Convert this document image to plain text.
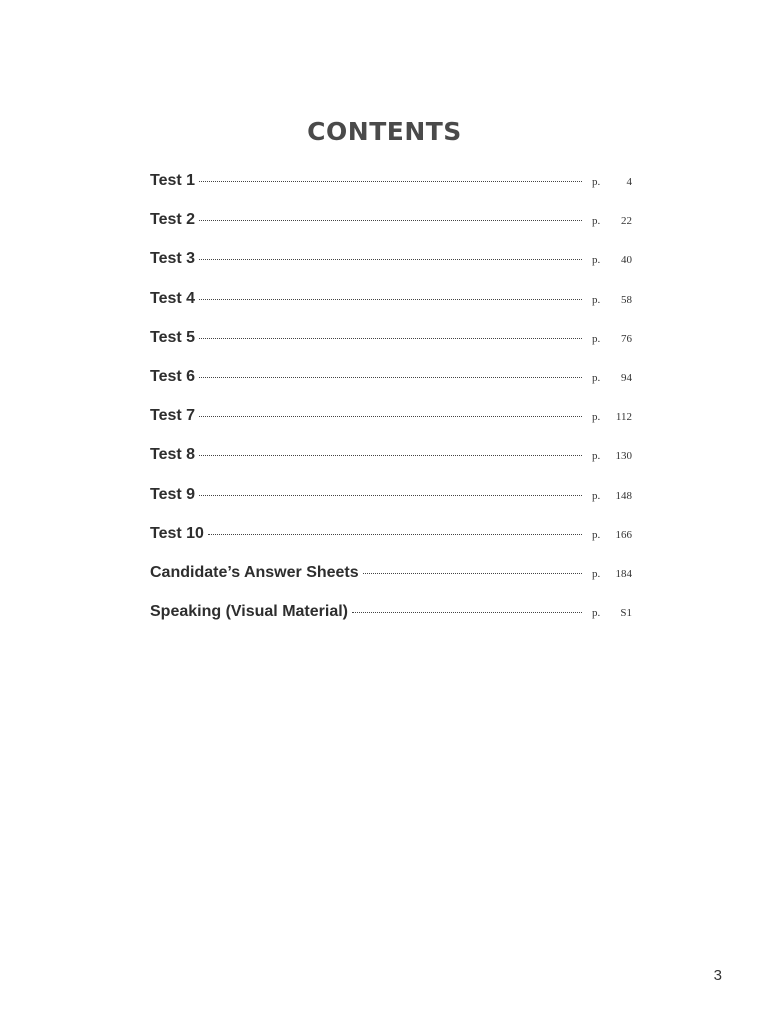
CONTENTS
Test 1	p.	4
Test 2	p.	22
Test 3	p.	40
Test 4	p.	58
Test 5	p.	76
Test 6	p.	94
Test 7	p.	112
Test 8	p.	130
Test 9	p.	148
Test 10	p.	166
Candidate’s Answer Sheets	p.	184
Speaking (Visual Material)	p.	S1
3
